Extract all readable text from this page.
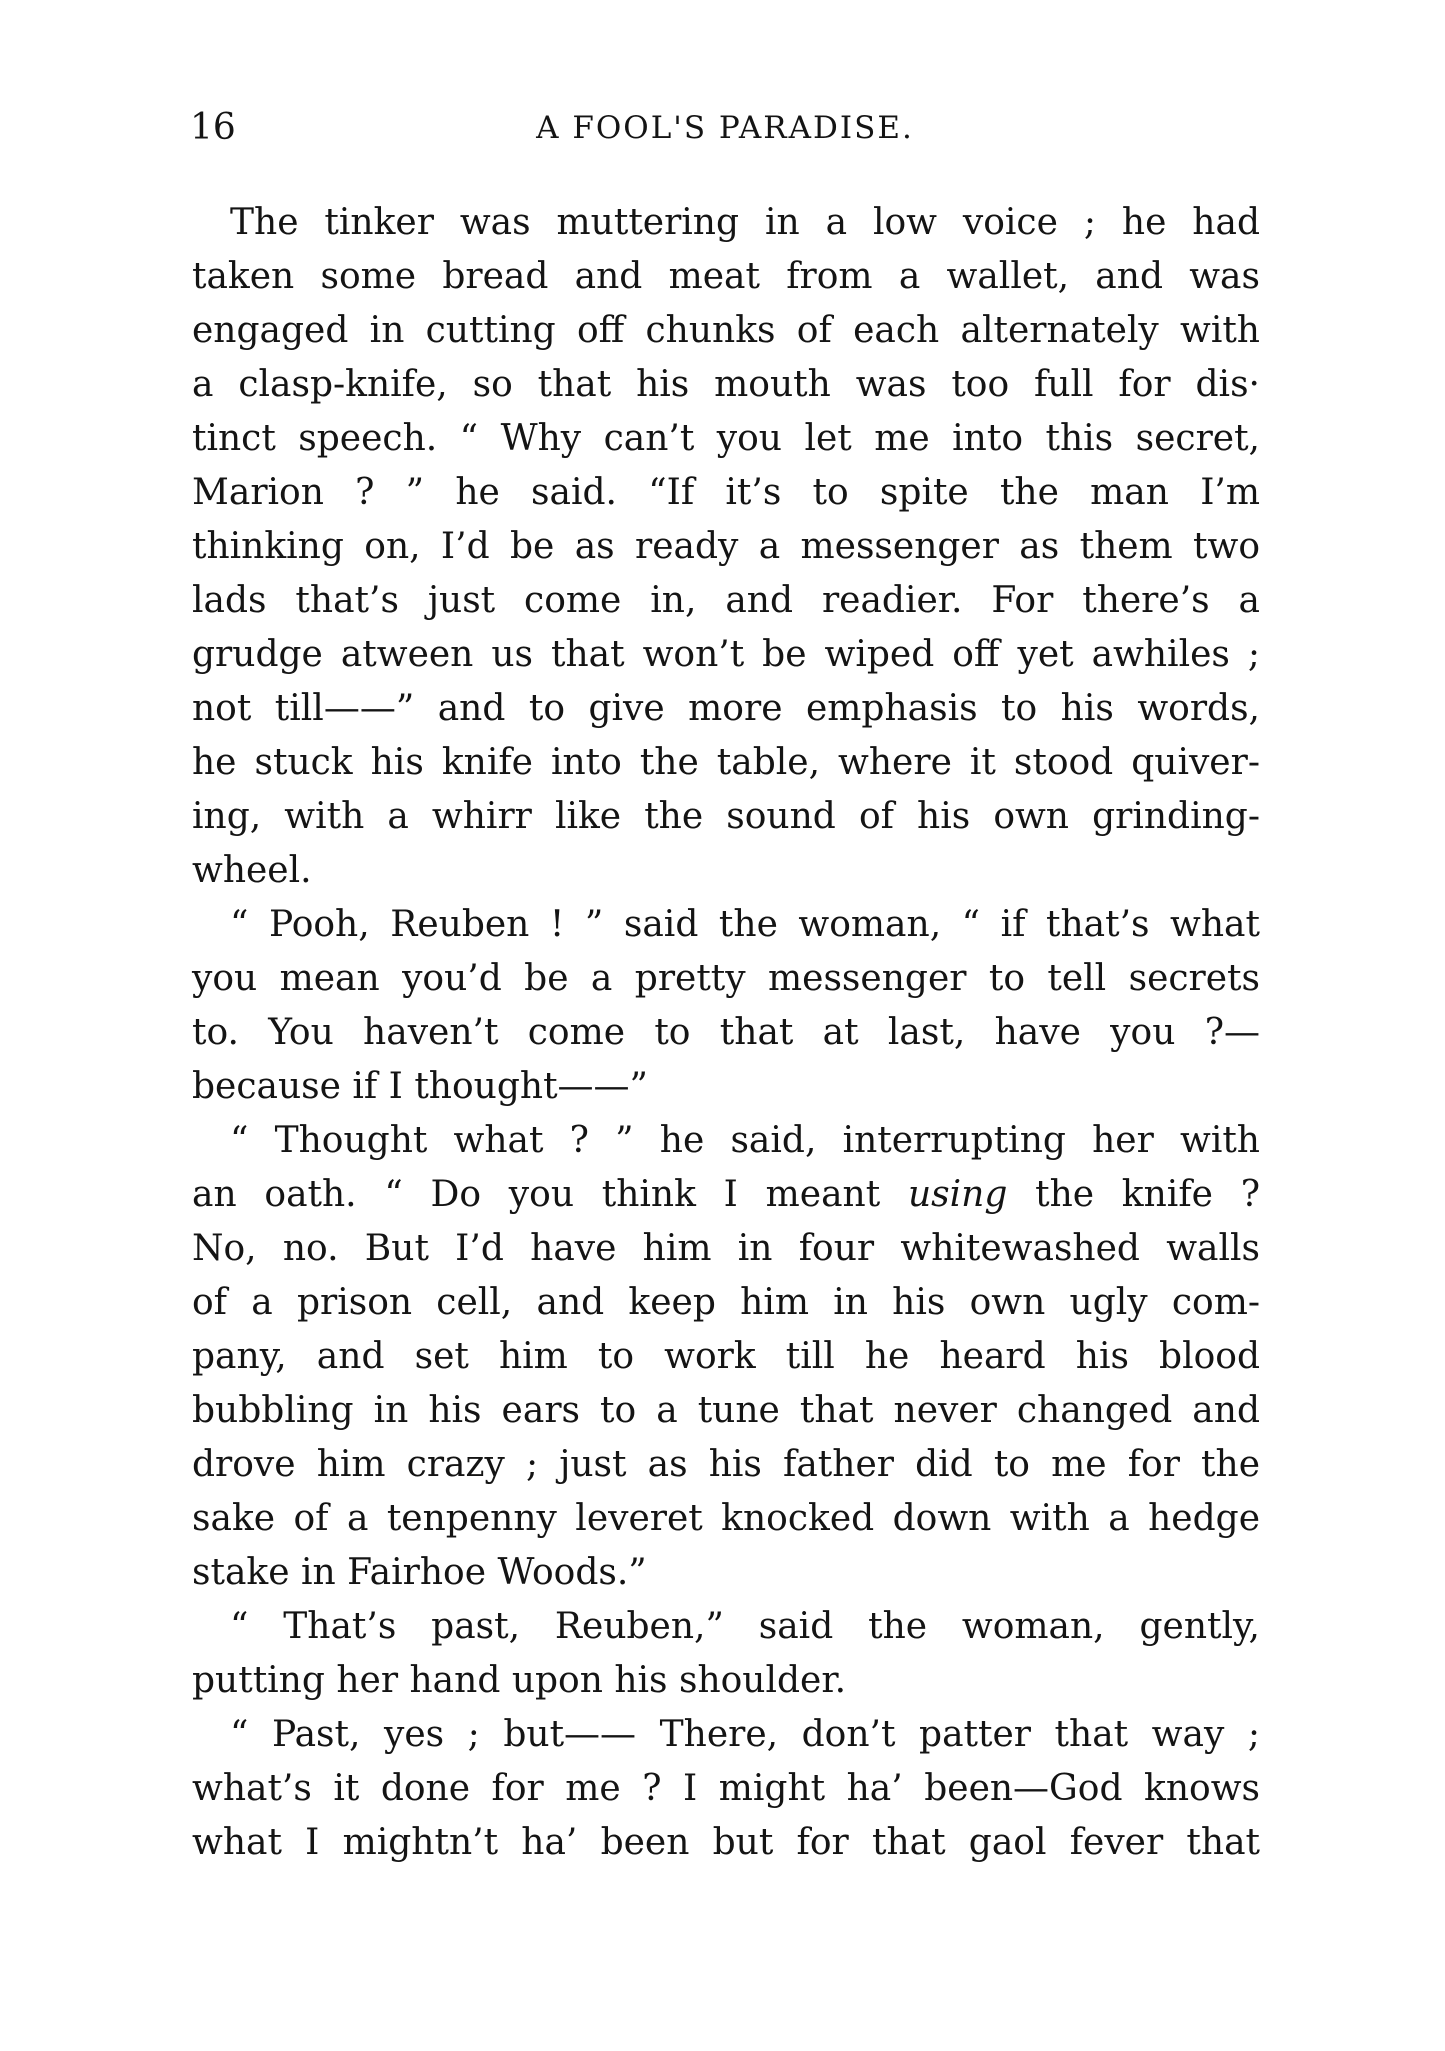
16	A FOOL'S PARADISE.
The tinker was muttering in a low voice ; he had
taken some bread and meat from a wallet, and was
engaged in cutting off chunks of each alternately with
a clasp-knife, so that his mouth was too full for dis·
tinct speech. “ Why can’t you let me into this secret,
Marion ? ” he said. “If it’s to spite the man I’m
thinking on, I’d be as ready a messenger as them two
lads that’s just come in, and readier. For there’s a
grudge atween us that won’t be wiped off yet awhiles ;
not till——” and to give more emphasis to his words,
he stuck his knife into the table, where it stood quiver-
ing, with a whirr like the sound of his own grinding-
wheel.
“ Pooh, Reuben ! ” said the woman, “ if that’s what
you mean you’d be a pretty messenger to tell secrets
to. You haven’t come to that at last, have you ?—
because if I thought——”
“ Thought what ? ” he said, interrupting her with
an oath. “ Do you think I meant using the knife ?
No, no. But I’d have him in four whitewashed walls
of a prison cell, and keep him in his own ugly com-
pany, and set him to work till he heard his blood
bubbling in his ears to a tune that never changed and
drove him crazy ; just as his father did to me for the
sake of a tenpenny leveret knocked down with a hedge
stake in Fairhoe Woods.”
“ That’s past, Reuben,” said the woman, gently,
putting her hand upon his shoulder.
“ Past, yes ; but—— There, don’t patter that way ;
what’s it done for me ? I might ha’ been—God knows
what I mightn’t ha’ been but for that gaol fever that
